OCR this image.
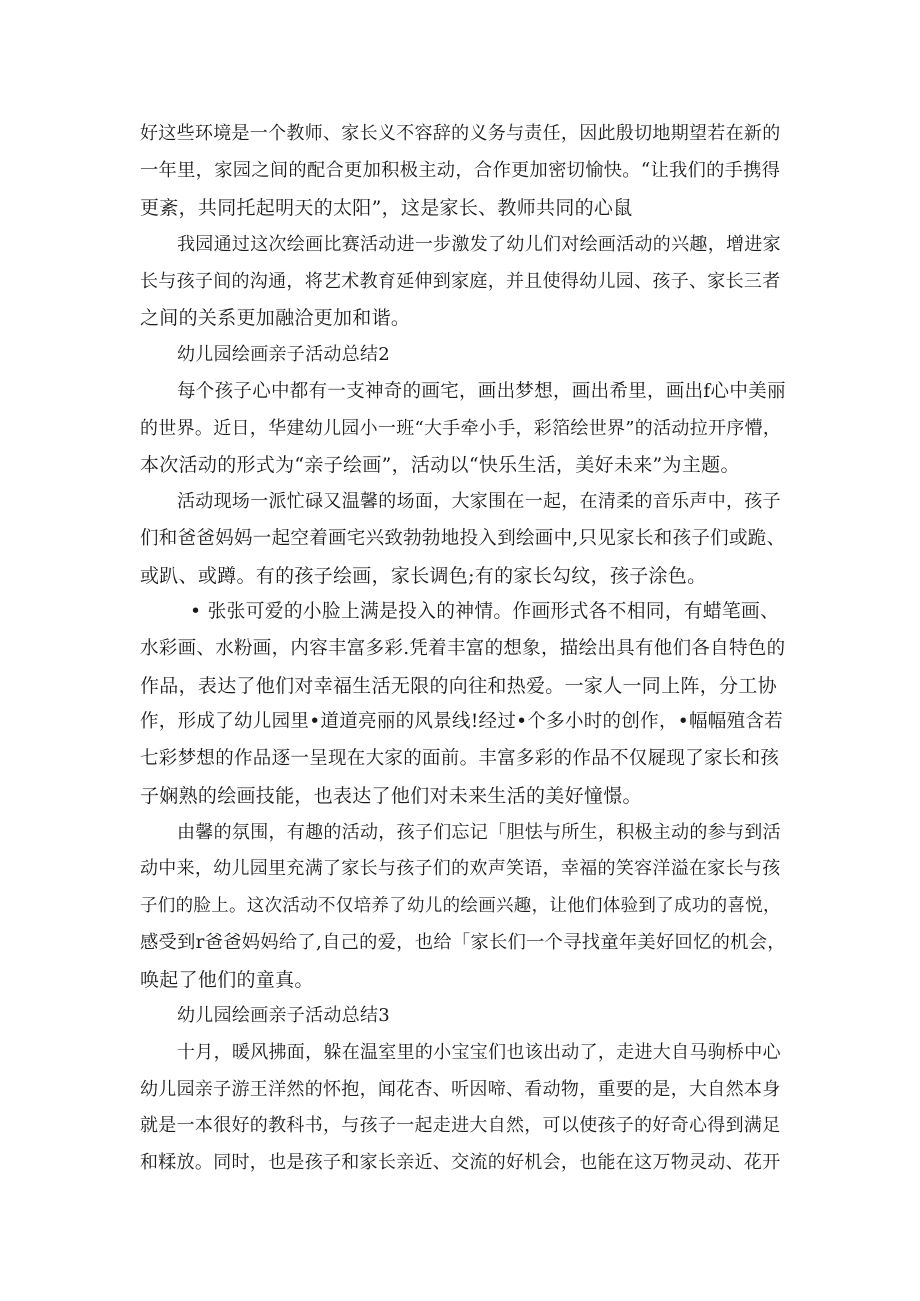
好这些环境是一个教师、家长义不容辞的义务与责任，因此殷切地期望若在新的
一年里，家园之间的配合更加积极主动，合作更加密切愉快。“让我们的手携得
更紊，共同托起明天的太阳”，这是家长、教师共同的心鼠
我园通过这次绘画比赛活动进一步激发了幼儿们对绘画活动的兴趣，增进家
长与孩子间的沟通，将艺术教育延伸到家庭，并且使得幼儿园、孩子、家长三者
之间的关系更加融洽更加和谐。
幼儿园绘画亲子活动总结2
每个孩子心中都有一支神奇的画宅，画出梦想，画出希里，画出f心中美丽
的世界。近日，华建幼儿园小一班“大手牵小手，彩箔绘世界”的活动拉开序懵，
本次活动的形式为“亲子绘画”，活动以“快乐生活，美好未来”为主题。
活动现场一派忙碌又温馨的场面，大家围在一起，在清柔的音乐声中，孩子
们和爸爸妈妈一起空着画宅兴致勃勃地投入到绘画中,只见家长和孩子们或跪、
或趴、或蹲。有的孩子绘画，家长调色;有的家长勾纹，孩子涂色。
• 张张可爱的小脸上满是投入的神情。作画形式各不相同，有蜡笔画、
水彩画、水粉画，内容丰富多彩.凭着丰富的想象，描绘出具有他们各自特色的
作品，表达了他们对幸福生活无限的向往和热爱。一家人一同上阵，分工协
作，形成了幼儿园里•道道亮丽的风景线!经过•个多小时的创作，•幅幅殖含若
七彩梦想的作品逐一呈现在大家的面前。丰富多彩的作品不仅屣现了家长和孩
子娴熟的绘画技能，也表达了他们对未来生活的美好憧憬。
由馨的氛围，有趣的活动，孩子们忘记「胆怯与所生，积极主动的参与到活
动中来，幼儿园里充满了家长与孩子们的欢声笑语，幸福的笑容洋溢在家长与孩
子们的脸上。这次活动不仅培养了幼儿的绘画兴趣，让他们体验到了成功的喜悦，
感受到r爸爸妈妈给了,自己的爱，也给「家长们一个寻找童年美好回忆的机会，
唤起了他们的童真。
幼儿园绘画亲子活动总结3
十月，暖风拂面，躲在温室里的小宝宝们也该出动了，走进大自马驹桥中心
幼儿园亲子游王洋然的怀抱，闻花杏、听因啼、看动物，重要的是，大自然本身
就是一本很好的教科书，与孩子一起走进大自然，可以使孩子的好奇心得到满足
和糅放。同时，也是孩子和家长亲近、交流的好机会，也能在这万物灵动、花开
